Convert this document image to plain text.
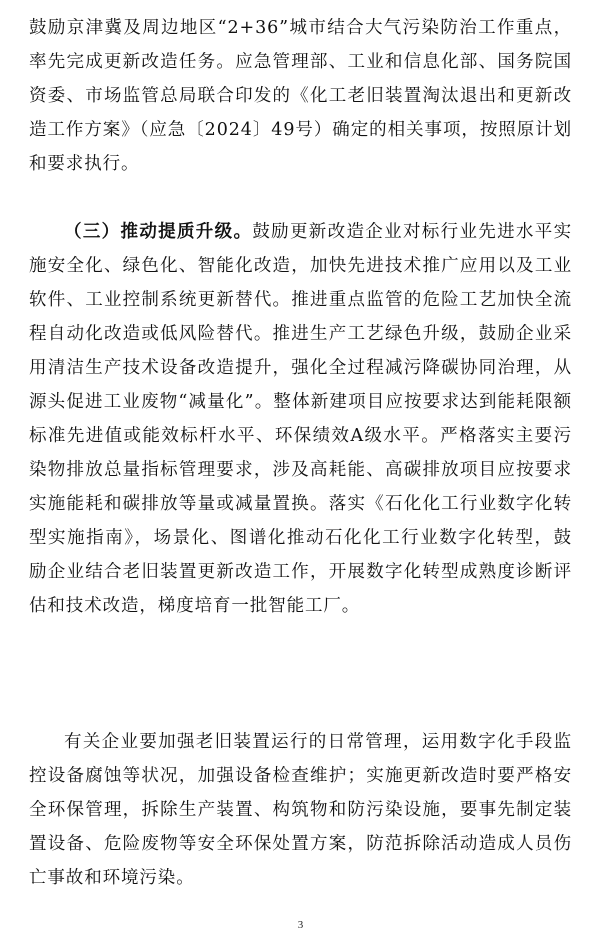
鼓励京津冀及周边地区“2+36”城市结合大气污染防治工作重点，率先完成更新改造任务。应急管理部、工业和信息化部、国务院国资委、市场监管总局联合印发的《化工老旧装置淘汰退出和更新改造工作方案》（应急〔2024〕49号）确定的相关事项，按照原计划和要求执行。

（三）推动提质升级。鼓励更新改造企业对标行业先进水平实施安全化、绿色化、智能化改造，加快先进技术推广应用以及工业软件、工业控制系统更新替代。推进重点监管的危险工艺加快全流程自动化改造或低风险替代。推进生产工艺绿色升级，鼓励企业采用清洁生产技术设备改造提升，强化全过程减污降碳协同治理，从源头促进工业废物“减量化”。整体新建项目应按要求达到能耗限额标准先进值或能效标杆水平、环保绩效A级水平。严格落实主要污染物排放总量指标管理要求，涉及高耗能、高碳排放项目应按要求实施能耗和碳排放等量或减量置换。落实《石化化工行业数字化转型实施指南》，场景化、图谱化推动石化化工行业数字化转型，鼓励企业结合老旧装置更新改造工作，开展数字化转型成熟度诊断评估和技术改造，梯度培育一批智能工厂。

有关企业要加强老旧装置运行的日常管理，运用数字化手段监控设备腐蚀等状况，加强设备检查维护；实施更新改造时要严格安全环保管理，拆除生产装置、构筑物和防污染设施，要事先制定装置设备、危险废物等安全环保处置方案，防范拆除活动造成人员伤亡事故和环境污染。

3
